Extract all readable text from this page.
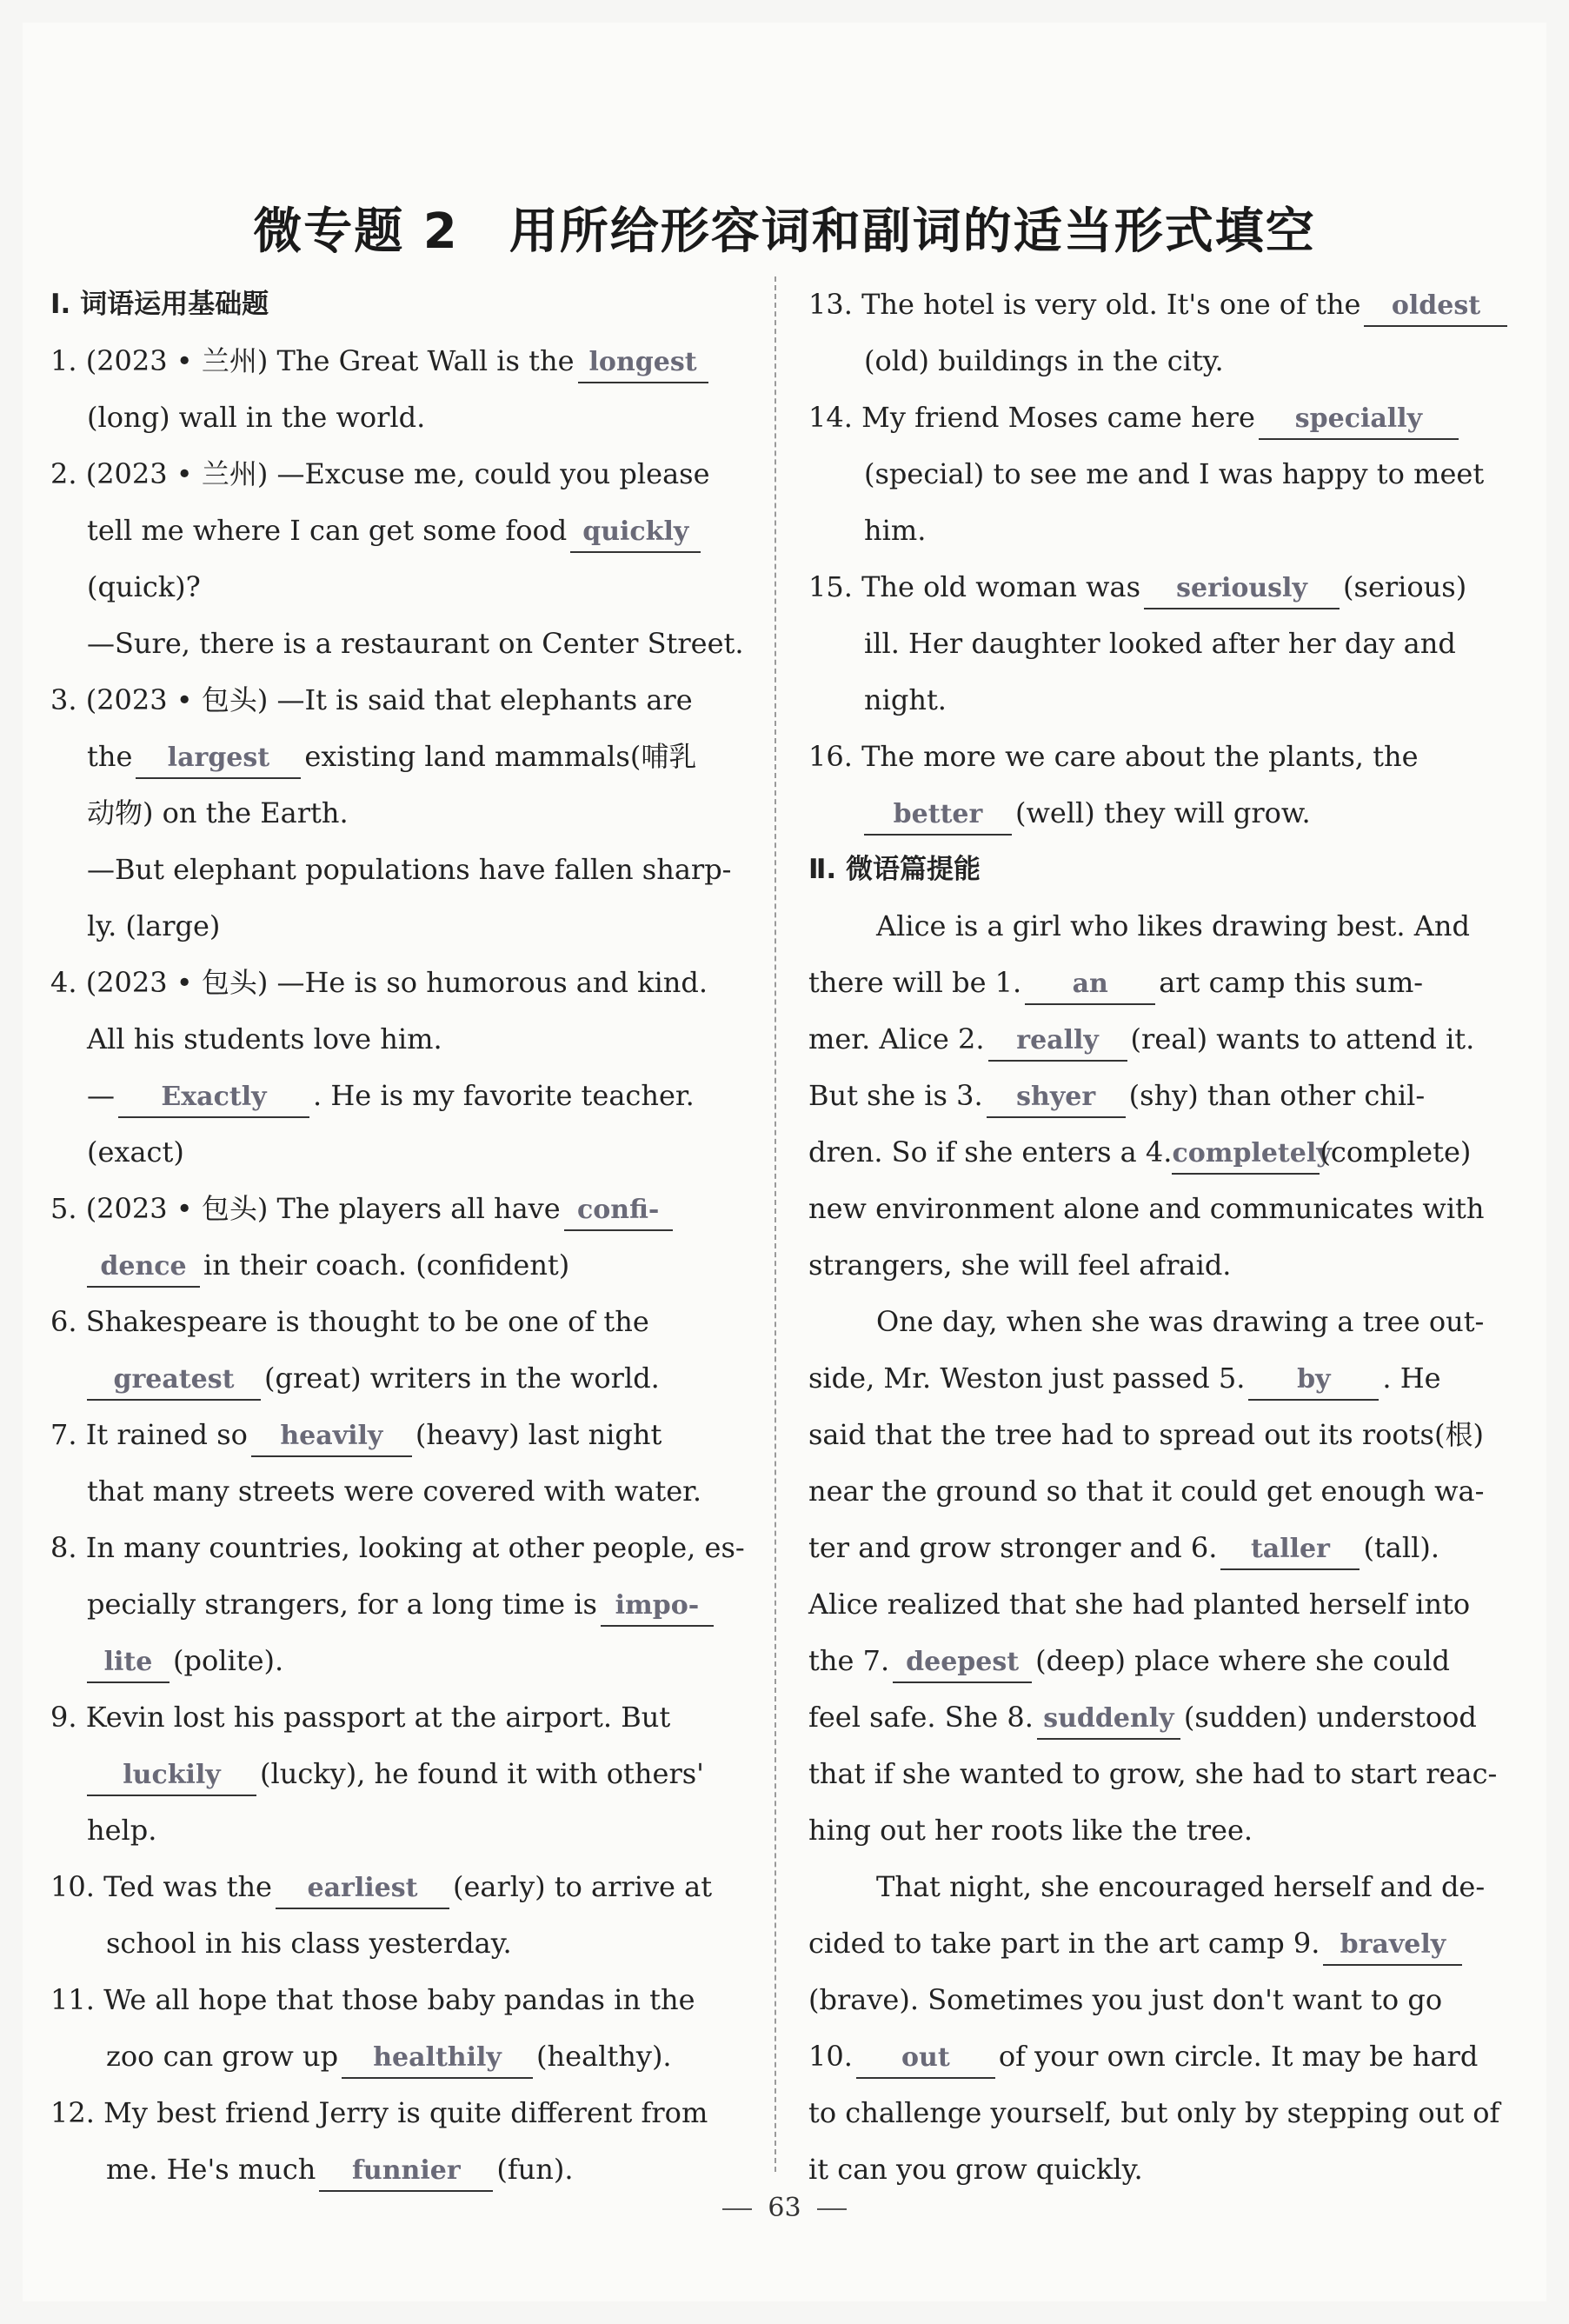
微专题 2　用所给形容词和副词的适当形式填空
Ⅰ. 词语运用基础题
1. (2023 • 兰州) The Great Wall is the longest
(long) wall in the world.
2. (2023 • 兰州) —Excuse me, could you please
tell me where I can get some food quickly
(quick)?
—Sure, there is a restaurant on Center Street.
3. (2023 • 包头) —It is said that elephants are
the largest existing land mammals(哺乳
动物) on the Earth.
—But elephant populations have fallen sharp-
ly. (large)
4. (2023 • 包头) —He is so humorous and kind.
All his students love him.
— Exactly . He is my favorite teacher.
(exact)
5. (2023 • 包头) The players all have confi-
dence in their coach. (confident)
6. Shakespeare is thought to be one of the
greatest (great) writers in the world.
7. It rained so heavily (heavy) last night
that many streets were covered with water.
8. In many countries, looking at other people, es-
pecially strangers, for a long time is impo-
lite (polite).
9. Kevin lost his passport at the airport. But
luckily (lucky), he found it with others'
help.
10. Ted was the earliest (early) to arrive at
school in his class yesterday.
11. We all hope that those baby pandas in the
zoo can grow up healthily (healthy).
12. My best friend Jerry is quite different from
me. He's much funnier (fun).
13. The hotel is very old. It's one of the oldest
(old) buildings in the city.
14. My friend Moses came here specially
(special) to see me and I was happy to meet
him.
15. The old woman was seriously (serious)
ill. Her daughter looked after her day and
night.
16. The more we care about the plants, the
better (well) they will grow.
Ⅱ. 微语篇提能
Alice is a girl who likes drawing best. And
there will be 1. an art camp this sum-
mer. Alice 2. really (real) wants to attend it.
But she is 3. shyer (shy) than other chil-
dren. So if she enters a 4.completely(complete)
new environment alone and communicates with
strangers, she will feel afraid.
One day, when she was drawing a tree out-
side, Mr. Weston just passed 5. by . He
said that the tree had to spread out its roots(根)
near the ground so that it could get enough wa-
ter and grow stronger and 6. taller (tall).
Alice realized that she had planted herself into
the 7. deepest (deep) place where she could
feel safe. She 8. suddenly (sudden) understood
that if she wanted to grow, she had to start reac-
hing out her roots like the tree.
That night, she encouraged herself and de-
cided to take part in the art camp 9. bravely
(brave). Sometimes you just don't want to go
10. out of your own circle. It may be hard
to challenge yourself, but only by stepping out of
it can you grow quickly.
63
